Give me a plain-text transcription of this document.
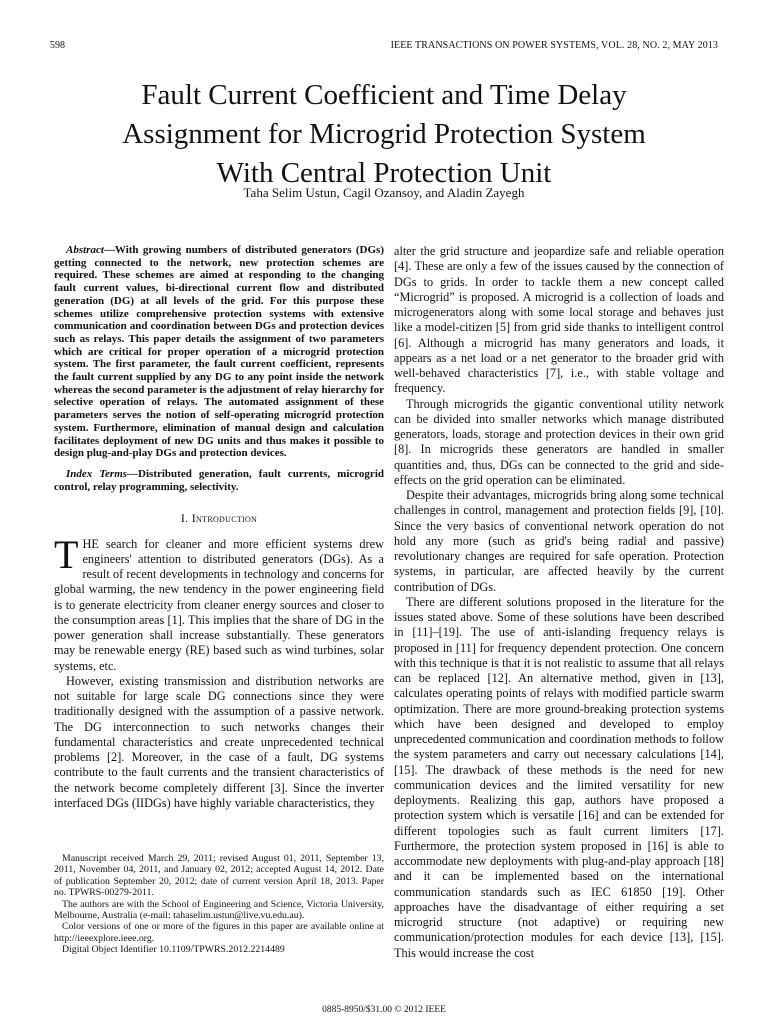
598	IEEE TRANSACTIONS ON POWER SYSTEMS, VOL. 28, NO. 2, MAY 2013
Fault Current Coefficient and Time Delay
Assignment for Microgrid Protection System
With Central Protection Unit
Taha Selim Ustun, Cagil Ozansoy, and Aladin Zayegh

Abstract—With growing numbers of distributed generators (DGs) getting connected to the network, new protection schemes are required. These schemes are aimed at responding to the changing fault current values, bi-directional current flow and distributed generation (DG) at all levels of the grid. For this purpose these schemes utilize comprehensive protection systems with extensive communication and coordination between DGs and protection devices such as relays. This paper details the assignment of two parameters which are critical for proper operation of a microgrid protection system. The first parameter, the fault current coefficient, represents the fault current supplied by any DG to any point inside the network whereas the second parameter is the adjustment of relay hierarchy for selective operation of relays. The automated assignment of these parameters serves the notion of self-operating microgrid protection system. Furthermore, elimination of manual design and calculation facilitates deployment of new DG units and thus makes it possible to design plug-and-play DGs and protection devices.

Index Terms—Distributed generation, fault currents, microgrid control, relay programming, selectivity.

I. Introduction

THE search for cleaner and more efficient systems drew engineers' attention to distributed generators (DGs). As a result of recent developments in technology and concerns for global warming, the new tendency in the power engineering field is to generate electricity from cleaner energy sources and closer to the consumption areas [1]. This implies that the share of DG in the power generation shall increase substantially. These generators may be renewable energy (RE) based such as wind turbines, solar systems, etc.

However, existing transmission and distribution networks are not suitable for large scale DG connections since they were traditionally designed with the assumption of a passive network. The DG interconnection to such networks changes their fundamental characteristics and create unprecedented technical problems [2]. Moreover, in the case of a fault, DG systems contribute to the fault currents and the transient characteristics of the network become completely different [3]. Since the inverter interfaced DGs (IIDGs) have highly variable characteristics, they

Manuscript received March 29, 2011; revised August 01, 2011, September 13, 2011, November 04, 2011, and January 02, 2012; accepted August 14, 2012. Date of publication September 20, 2012; date of current version April 18, 2013. Paper no. TPWRS-00279-2011.

The authors are with the School of Engineering and Science, Victoria University, Melbourne, Australia (e-mail: tahaselim.ustun@live.vu.edu.au).

Color versions of one or more of the figures in this paper are available online at http://ieeexplore.ieee.org.

Digital Object Identifier 10.1109/TPWRS.2012.2214489

alter the grid structure and jeopardize safe and reliable operation [4]. These are only a few of the issues caused by the connection of DGs to grids. In order to tackle them a new concept called “Microgrid” is proposed. A microgrid is a collection of loads and microgenerators along with some local storage and behaves just like a model-citizen [5] from grid side thanks to intelligent control [6]. Although a microgrid has many generators and loads, it appears as a net load or a net generator to the broader grid with well-behaved characteristics [7], i.e., with stable voltage and frequency.

Through microgrids the gigantic conventional utility network can be divided into smaller networks which manage distributed generators, loads, storage and protection devices in their own grid [8]. In microgrids these generators are handled in smaller quantities and, thus, DGs can be connected to the grid and side-effects on the grid operation can be eliminated.

Despite their advantages, microgrids bring along some technical challenges in control, management and protection fields [9], [10]. Since the very basics of conventional network operation do not hold any more (such as grid's being radial and passive) revolutionary changes are required for safe operation. Protection systems, in particular, are affected heavily by the current contribution of DGs.

There are different solutions proposed in the literature for the issues stated above. Some of these solutions have been described in [11]–[19]. The use of anti-islanding frequency relays is proposed in [11] for frequency dependent protection. One concern with this technique is that it is not realistic to assume that all relays can be replaced [12]. An alternative method, given in [13], calculates operating points of relays with modified particle swarm optimization. There are more ground-breaking protection systems which have been designed and developed to employ unprecedented communication and coordination methods to follow the system parameters and carry out necessary calculations [14], [15]. The drawback of these methods is the need for new communication devices and the limited versatility for new deployments. Realizing this gap, authors have proposed a protection system which is versatile [16] and can be extended for different topologies such as fault current limiters [17]. Furthermore, the protection system proposed in [16] is able to accommodate new deployments with plug-and-play approach [18] and it can be implemented based on the international communication standards such as IEC 61850 [19]. Other approaches have the disadvantage of either requiring a set microgrid structure (not adaptive) or requiring new communication/protection modules for each device [13], [15]. This would increase the cost

0885-8950/$31.00 © 2012 IEEE
